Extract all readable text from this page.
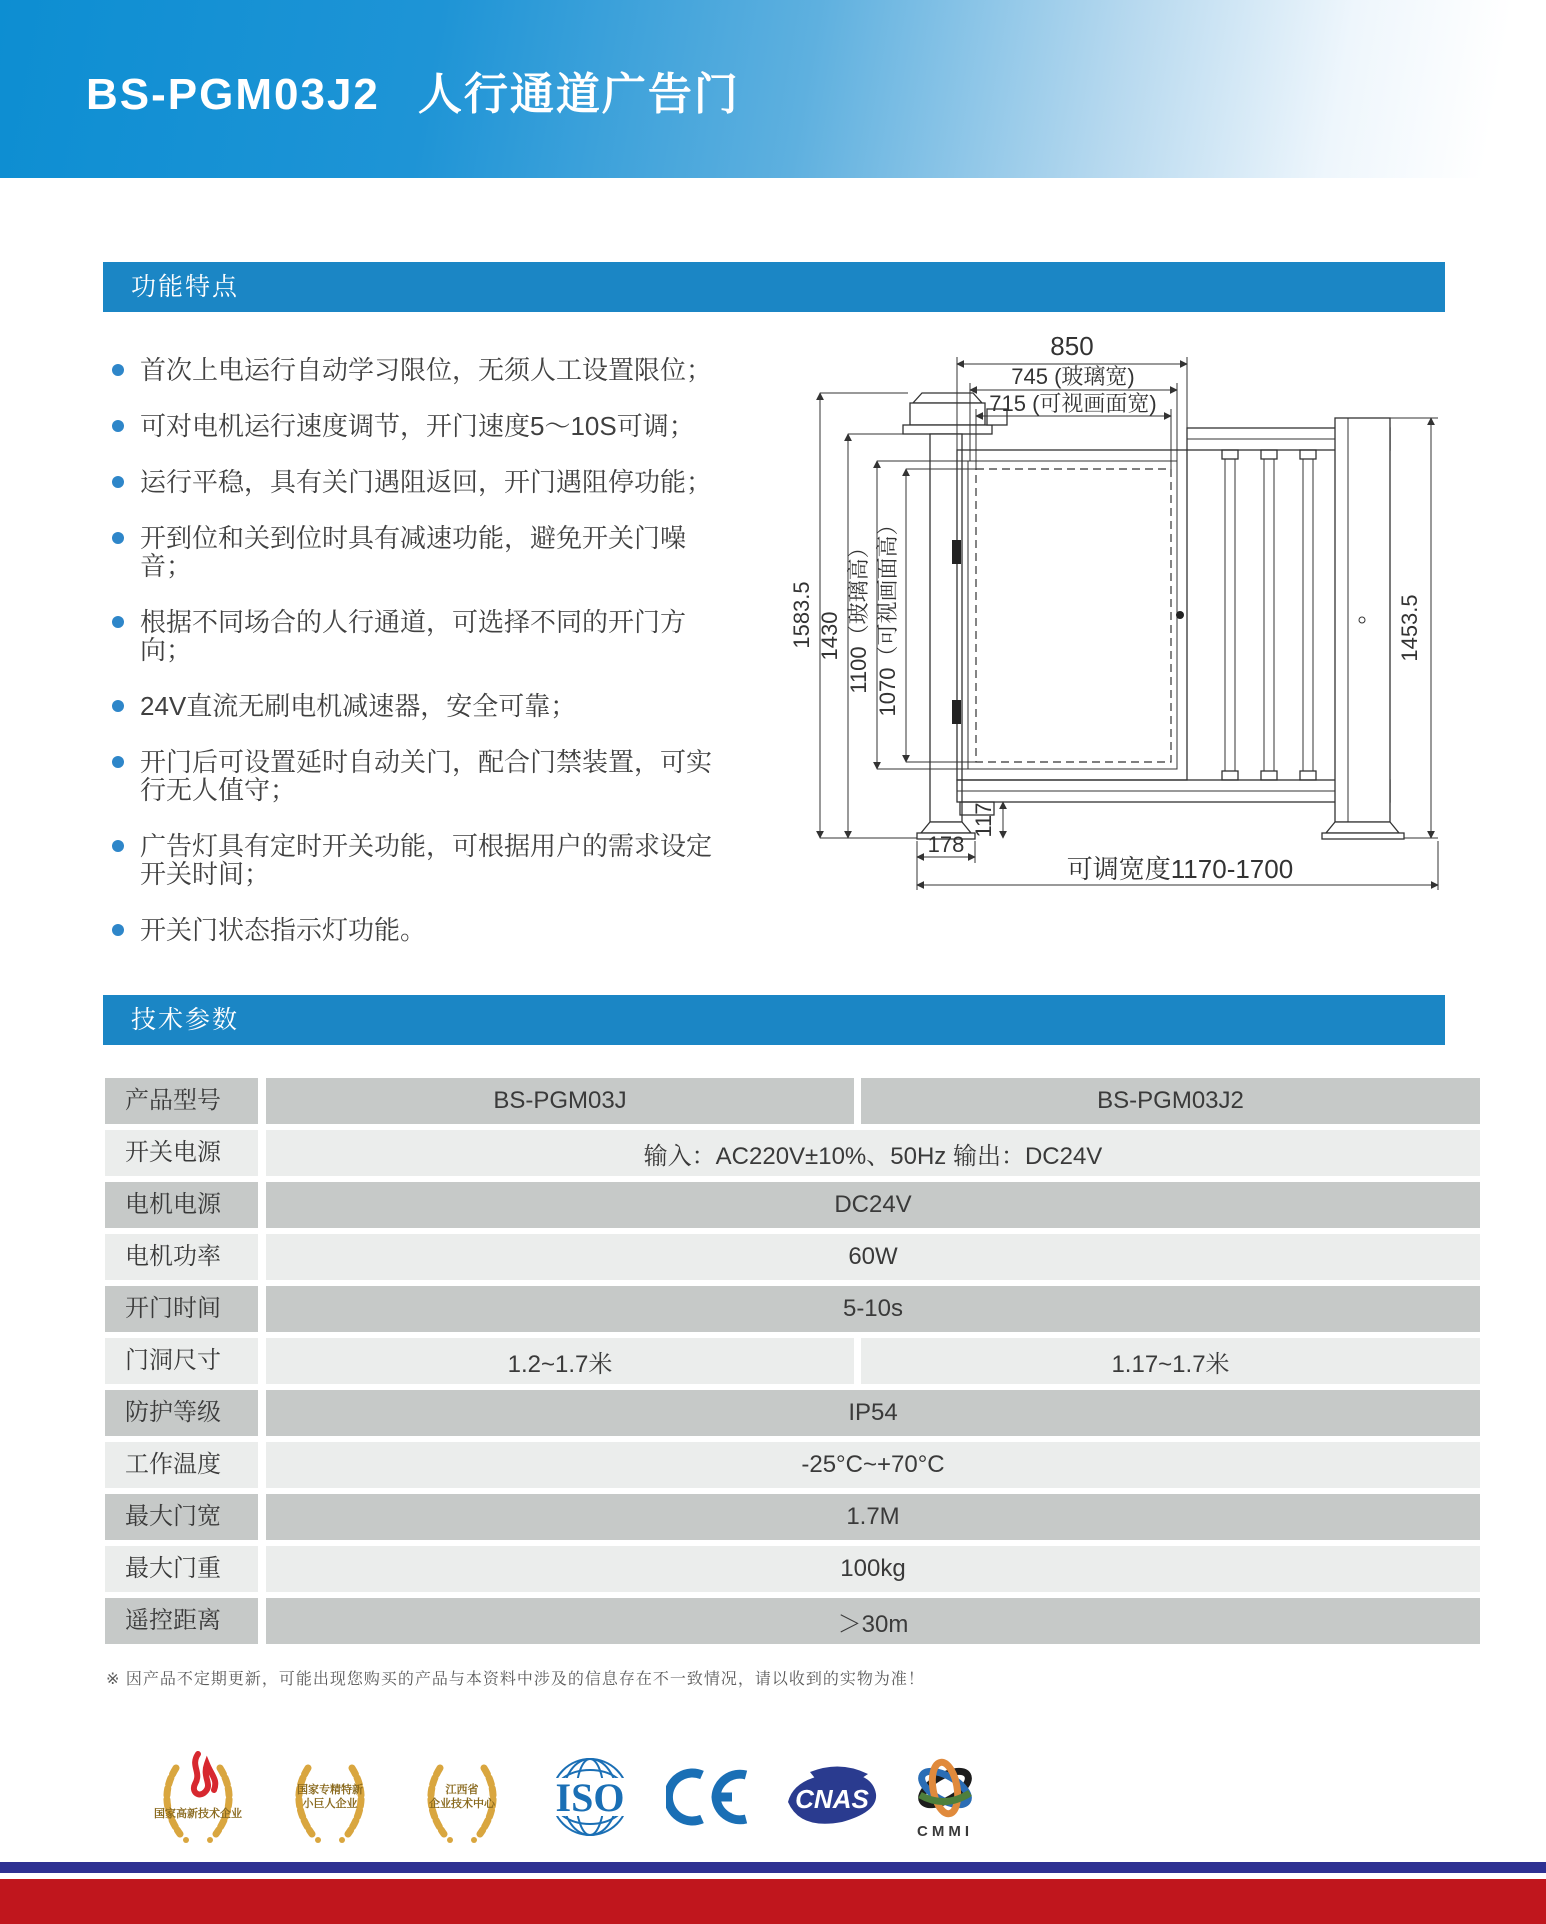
BS-PGM03J2 人行通道广告门
功能特点
首次上电运行自动学习限位，无须人工设置限位；
可对电机运行速度调节，开门速度5～10S可调；
运行平稳，具有关门遇阻返回，开门遇阻停功能；
开到位和关到位时具有减速功能，避免开关门噪音；
根据不同场合的人行通道，可选择不同的开门方向；
24V直流无刷电机减速器，安全可靠；
开门后可设置延时自动关门，配合门禁装置，可实行无人值守；
广告灯具有定时开关功能，可根据用户的需求设定开关时间；
开关门状态指示灯功能。
850
745 (玻璃宽)
715 (可视画面宽)
1583.5 1430 1100（玻璃高） 1070（可视画面高）	1453.5
117
178
可调宽度1170-1700
技术参数
产品型号	BS-PGM03J	BS-PGM03J2
开关电源	输入：AC220V±10%、50Hz 输出：DC24V
电机电源	DC24V
电机功率	60W
开门时间	5-10s
门洞尺寸	1.2~1.7米	1.17~1.7米
防护等级	IP54
工作温度	-25°C~+70°C
最大门宽	1.7M
最大门重	100kg
遥控距离	＞30m
※ 因产品不定期更新，可能出现您购买的产品与本资料中涉及的信息存在不一致情况，请以收到的实物为准！
国家高新技术企业
国家专精特新
小巨人企业
江西省
企业技术中心 ISO	CNAS
CMMI
